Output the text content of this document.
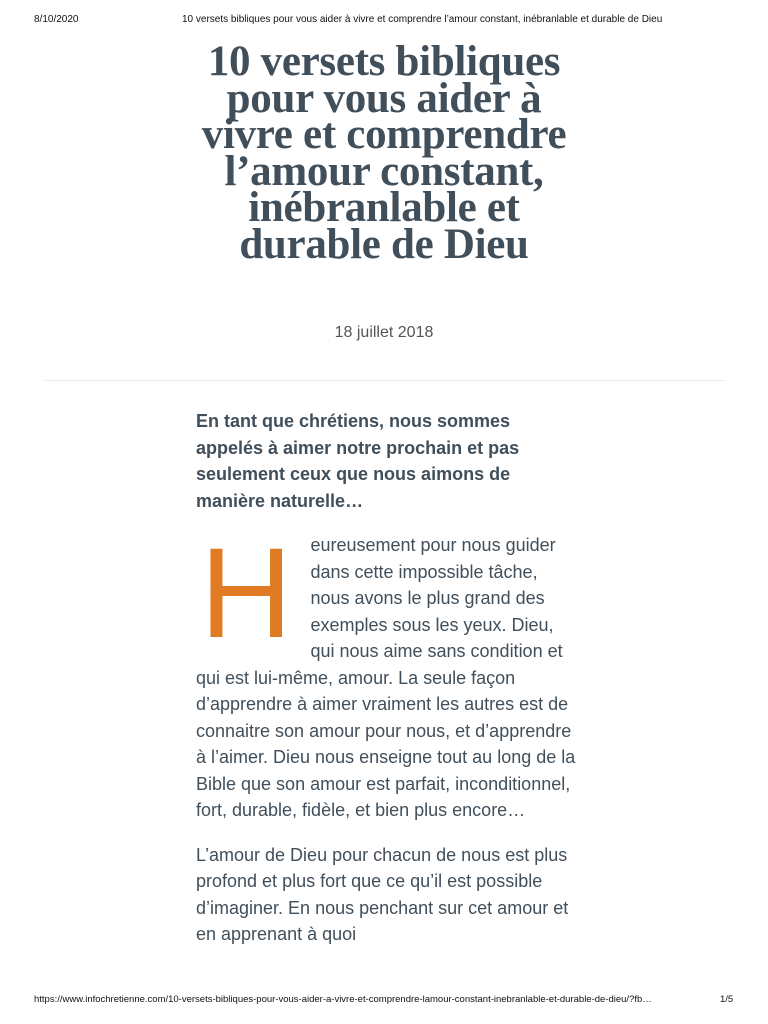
8/10/2020	10 versets bibliques pour vous aider à vivre et comprendre l’amour constant, inébranlable et durable de Dieu
10 versets bibliques pour vous aider à vivre et comprendre l’amour constant, inébranlable et durable de Dieu
18 juillet 2018

En tant que chrétiens, nous sommes appelés à aimer notre prochain et pas seulement ceux que nous aimons de manière naturelle…

H eureusement pour nous guider dans cette impossible tâche, nous avons le plus grand des exemples sous les yeux. Dieu, qui nous aime sans condition et qui est lui-même, amour. La seule façon d’apprendre à aimer vraiment les autres est de connaitre son amour pour nous, et d’apprendre à l’aimer. Dieu nous enseigne tout au long de la Bible que son amour est parfait, inconditionnel, fort, durable, fidèle, et bien plus encore…

L’amour de Dieu pour chacun de nous est plus profond et plus fort que ce qu’il est possible d’imaginer. En nous penchant sur cet amour et en apprenant à quoi

https://www.infochretienne.com/10-versets-bibliques-pour-vous-aider-a-vivre-et-comprendre-lamour-constant-inebranlable-et-durable-de-dieu/?fb…	1/5
